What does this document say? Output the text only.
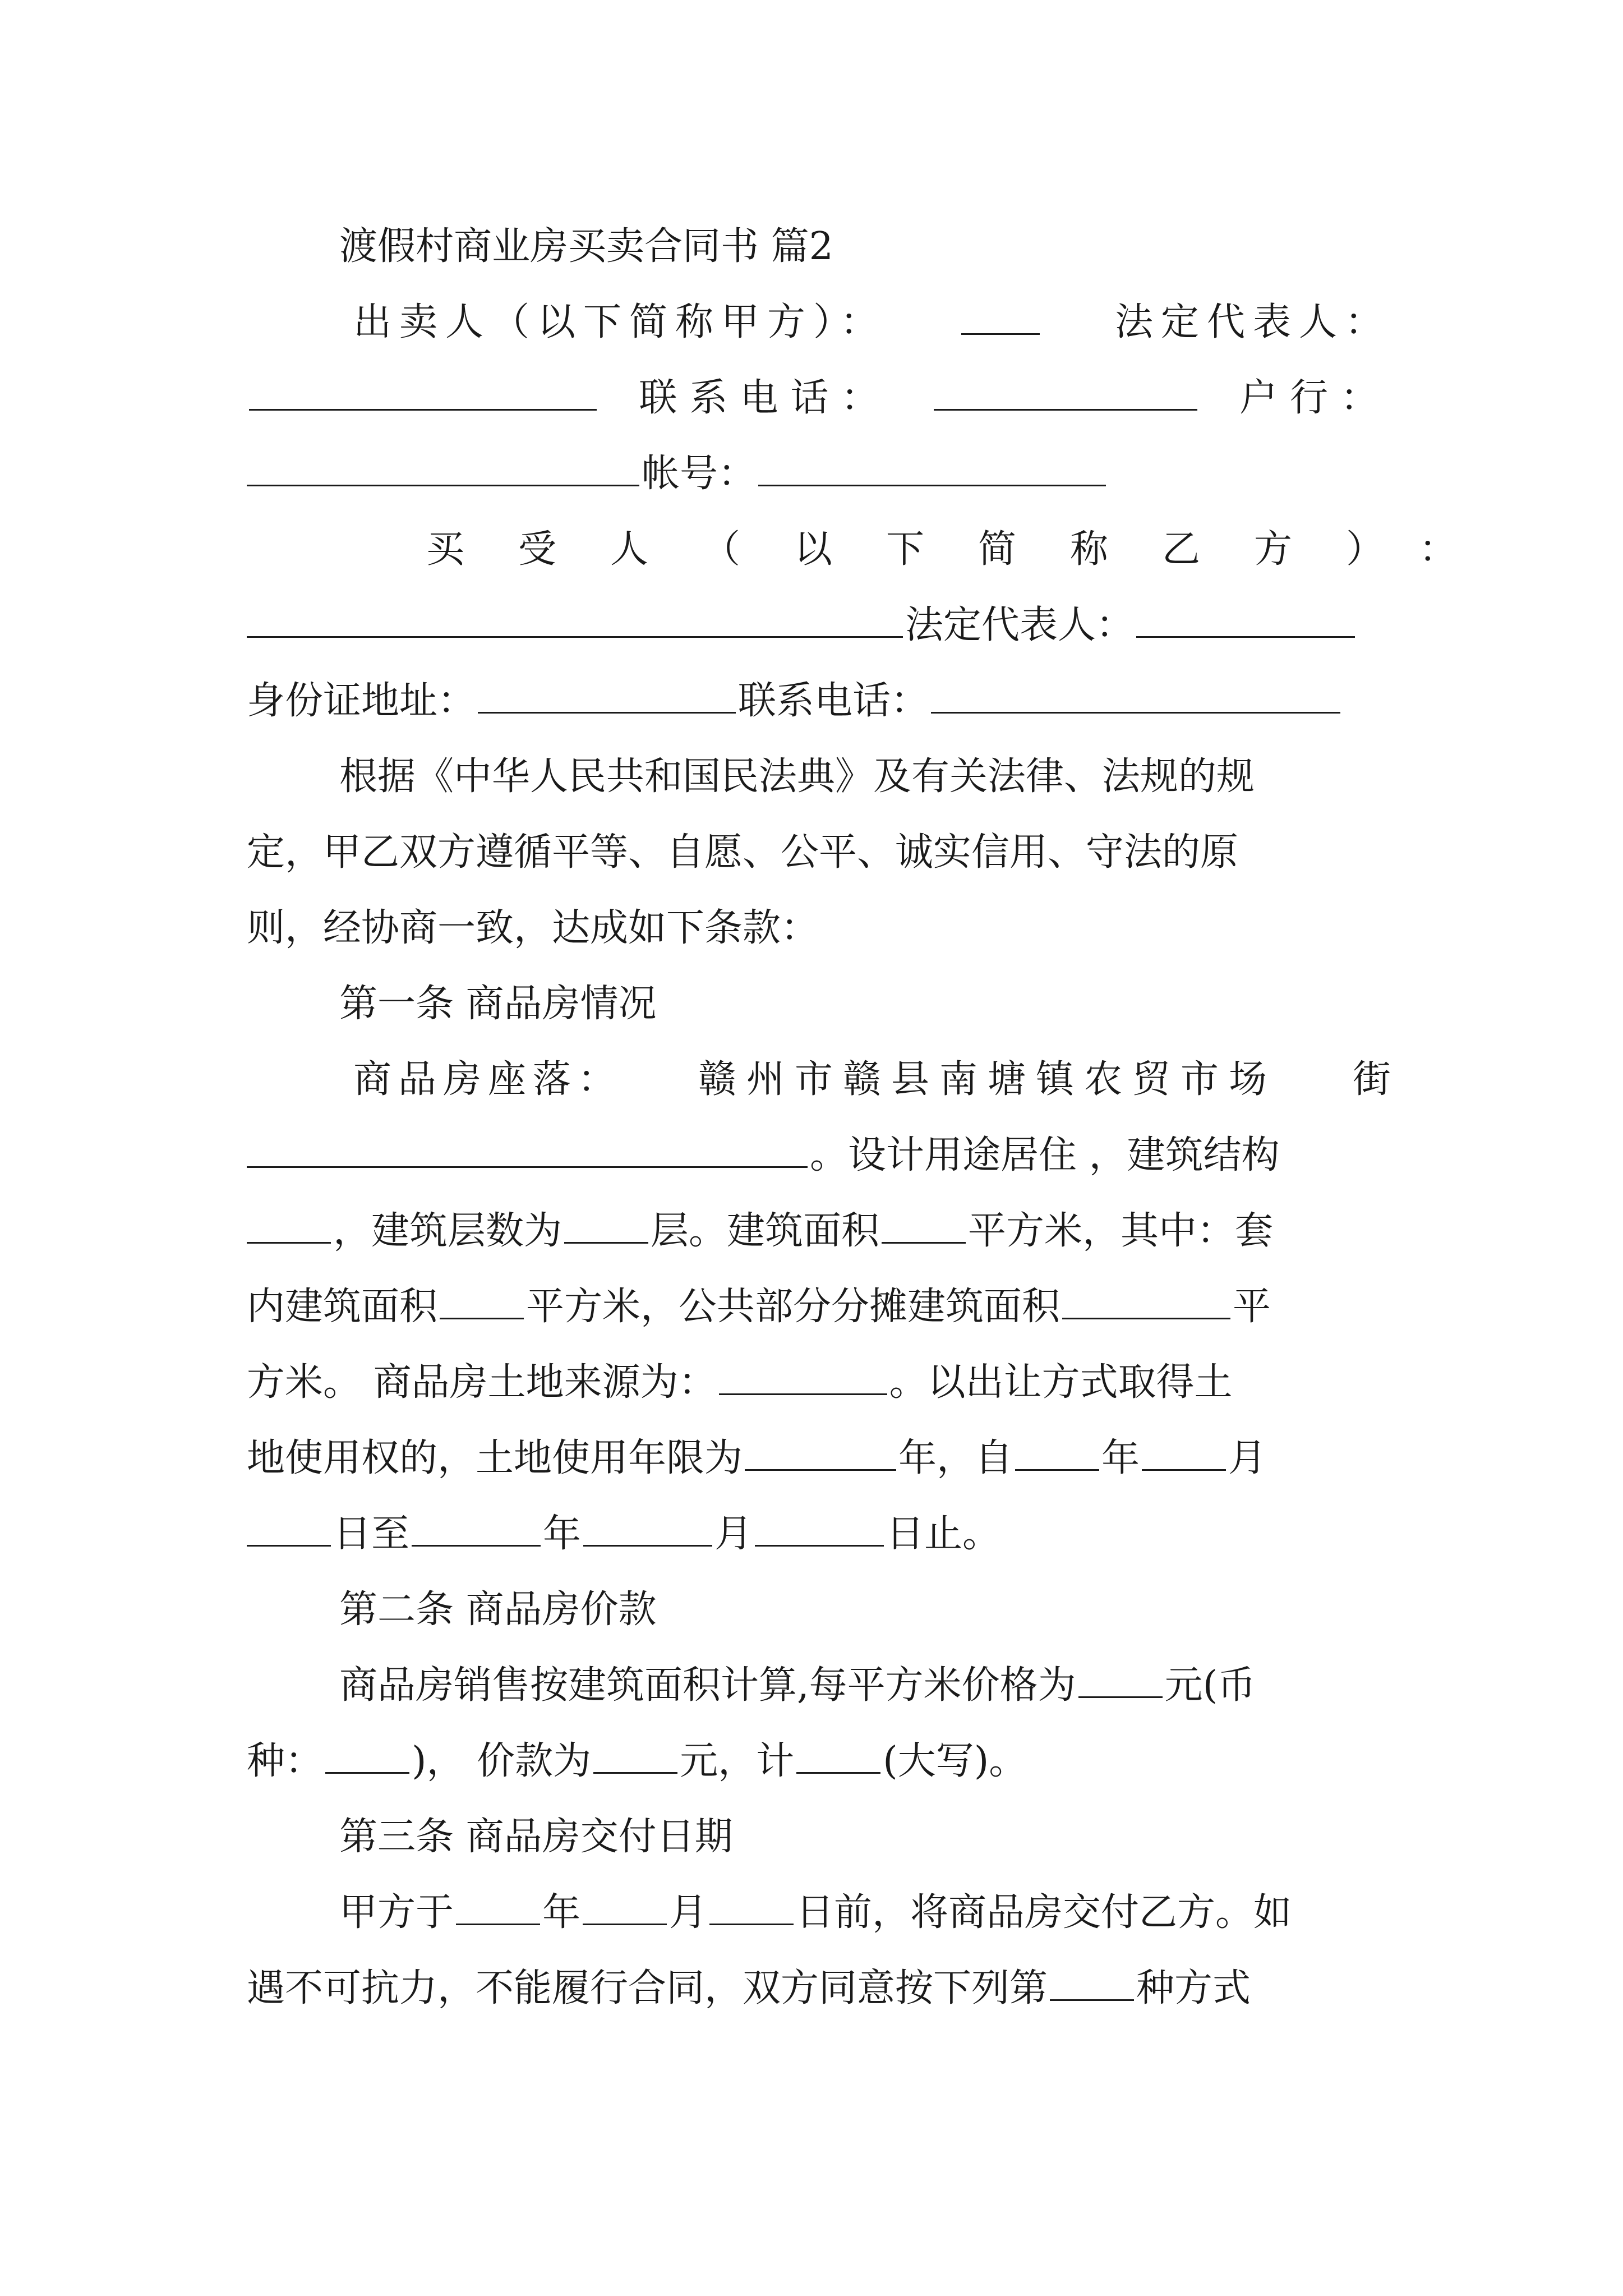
渡假村商业房买卖合同书 篇2
出卖人（以下简称甲方）：	法定代表人：
联系电话：	户行：
帐号：
买受人（以下简称乙方）：
法定代表人：
身份证地址：	联系电话：
根据《中华人民共和国民法典》及有关法律、法规的规
定，甲乙双方遵循平等、自愿、公平、诚实信用、守法的原
则，经协商一致，达成如下条款：
第一条 商品房情况
商品房座落： 赣州市赣县南塘镇农贸市场 街
。设计用途居住 ，建筑结构
，建筑层数为 层。建筑面积 平方米，其中：套
内建筑面积 平方米，公共部分分摊建筑面积	平
方米。 商品房土地来源为：	。以出让方式取得土
地使用权的，土地使用年限为	年，自 年 月
日至	年	月	日止。
第二条 商品房价款
商品房销售按建筑面积计算,每平方米价格为 元(币
种： )， 价款为 元，计 (大写)。
第三条 商品房交付日期
甲方于 年 月 日前，将商品房交付乙方。如
遇不可抗力，不能履行合同，双方同意按下列第 种方式
